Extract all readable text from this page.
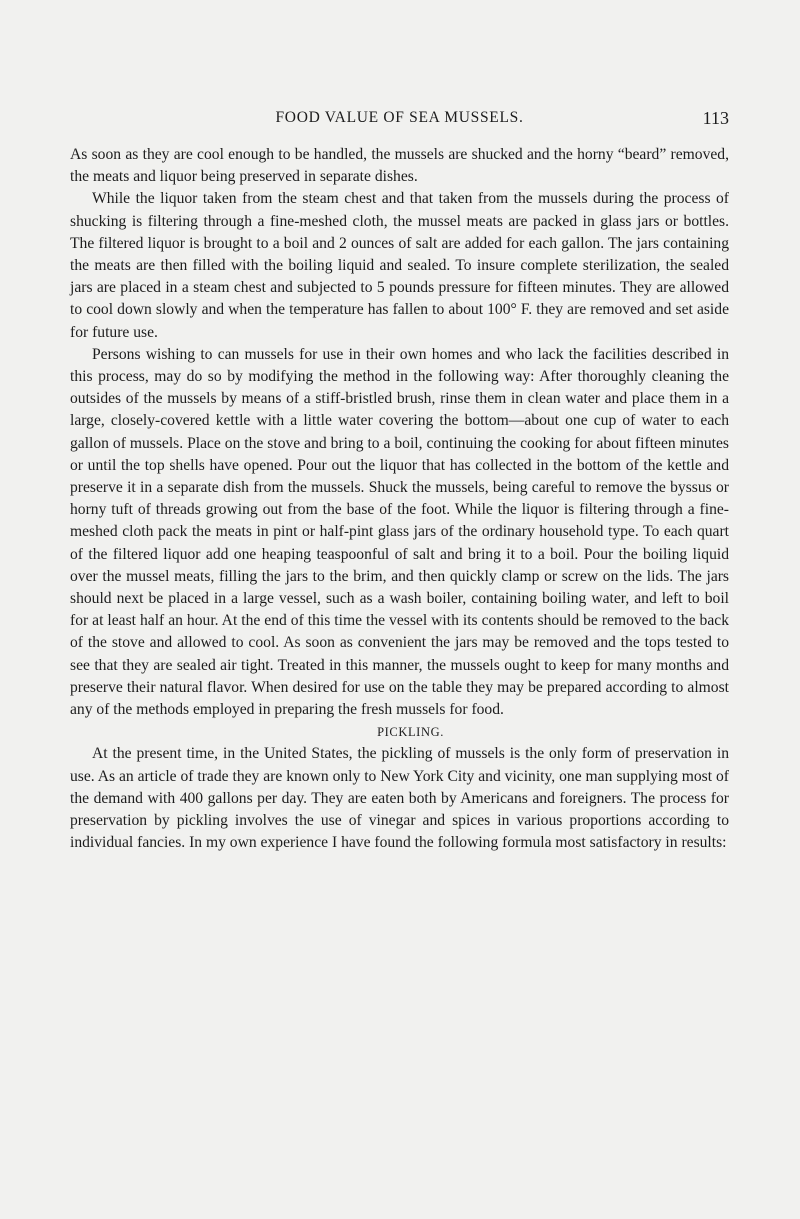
FOOD VALUE OF SEA MUSSELS.	113

As soon as they are cool enough to be handled, the mussels are shucked and the horny “beard” removed, the meats and liquor being preserved in separate dishes.

While the liquor taken from the steam chest and that taken from the mussels during the process of shucking is filtering through a fine-meshed cloth, the mussel meats are packed in glass jars or bottles. The filtered liquor is brought to a boil and 2 ounces of salt are added for each gallon. The jars containing the meats are then filled with the boiling liquid and sealed. To insure complete sterilization, the sealed jars are placed in a steam chest and subjected to 5 pounds pressure for fifteen minutes. They are allowed to cool down slowly and when the temperature has fallen to about 100° F. they are removed and set aside for future use.

Persons wishing to can mussels for use in their own homes and who lack the facilities described in this process, may do so by modifying the method in the following way: After thoroughly cleaning the outsides of the mussels by means of a stiff-bristled brush, rinse them in clean water and place them in a large, closely-covered kettle with a little water covering the bottom—about one cup of water to each gallon of mussels. Place on the stove and bring to a boil, continuing the cooking for about fifteen minutes or until the top shells have opened. Pour out the liquor that has collected in the bottom of the kettle and preserve it in a separate dish from the mussels. Shuck the mussels, being careful to remove the byssus or horny tuft of threads growing out from the base of the foot. While the liquor is filtering through a fine-meshed cloth pack the meats in pint or half-pint glass jars of the ordinary household type. To each quart of the filtered liquor add one heaping teaspoonful of salt and bring it to a boil. Pour the boiling liquid over the mussel meats, filling the jars to the brim, and then quickly clamp or screw on the lids. The jars should next be placed in a large vessel, such as a wash boiler, containing boiling water, and left to boil for at least half an hour. At the end of this time the vessel with its contents should be removed to the back of the stove and allowed to cool. As soon as convenient the jars may be removed and the tops tested to see that they are sealed air tight. Treated in this manner, the mussels ought to keep for many months and preserve their natural flavor. When desired for use on the table they may be prepared according to almost any of the methods employed in preparing the fresh mussels for food.

PICKLING.

At the present time, in the United States, the pickling of mussels is the only form of preservation in use. As an article of trade they are known only to New York City and vicinity, one man supplying most of the demand with 400 gallons per day. They are eaten both by Americans and foreigners. The process for preservation by pickling involves the use of vinegar and spices in various proportions according to individual fancies. In my own experience I have found the following formula most satisfactory in results:
